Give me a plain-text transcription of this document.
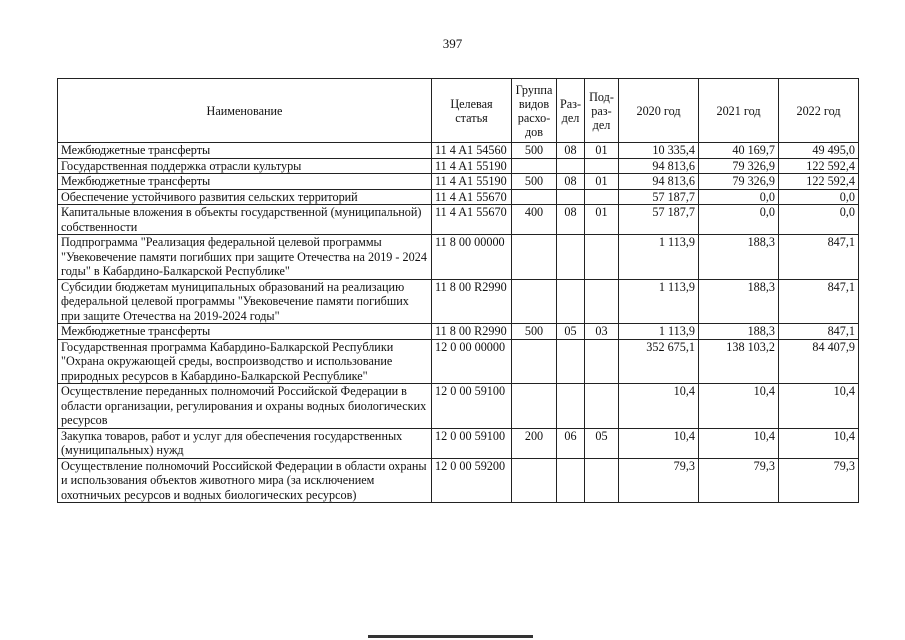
397
Наименование	Целевая статья	Группа видов расхо-дов	Раз-дел	Под-раз-дел	2020 год	2021 год	2022 год
Межбюджетные трансферты	11 4 A1 54560	500	08	01	10 335,4	40 169,7	49 495,0
Государственная поддержка отрасли культуры	11 4 A1 55190				94 813,6	79 326,9	122 592,4
Межбюджетные трансферты	11 4 A1 55190	500	08	01	94 813,6	79 326,9	122 592,4
Обеспечение устойчивого развития сельских территорий	11 4 A1 55670				57 187,7	0,0	0,0
Капитальные вложения в объекты государственной (муниципальной) собственности	11 4 A1 55670	400	08	01	57 187,7	0,0	0,0
Подпрограмма "Реализация федеральной целевой программы "Увековечение памяти погибших при защите Отечества на 2019 - 2024 годы" в Кабардино-Балкарской Республике"	11 8 00 00000				1 113,9	188,3	847,1
Субсидии бюджетам муниципальных образований на реализацию федеральной целевой программы "Увековечение памяти погибших при защите Отечества на 2019-2024 годы"	11 8 00 R2990				1 113,9	188,3	847,1
Межбюджетные трансферты	11 8 00 R2990	500	05	03	1 113,9	188,3	847,1
Государственная программа Кабардино-Балкарской Республики "Охрана окружающей среды, воспроизводство и использование природных ресурсов в Кабардино-Балкарской Республике"	12 0 00 00000				352 675,1	138 103,2	84 407,9
Осуществление переданных полномочий Российской Федерации в области организации, регулирования и охраны водных биологических ресурсов	12 0 00 59100				10,4	10,4	10,4
Закупка товаров, работ и услуг для обеспечения государственных (муниципальных) нужд	12 0 00 59100	200	06	05	10,4	10,4	10,4
Осуществление полномочий Российской Федерации в области охраны и использования объектов животного мира (за исключением охотничьих ресурсов и водных биологических ресурсов)	12 0 00 59200				79,3	79,3	79,3
